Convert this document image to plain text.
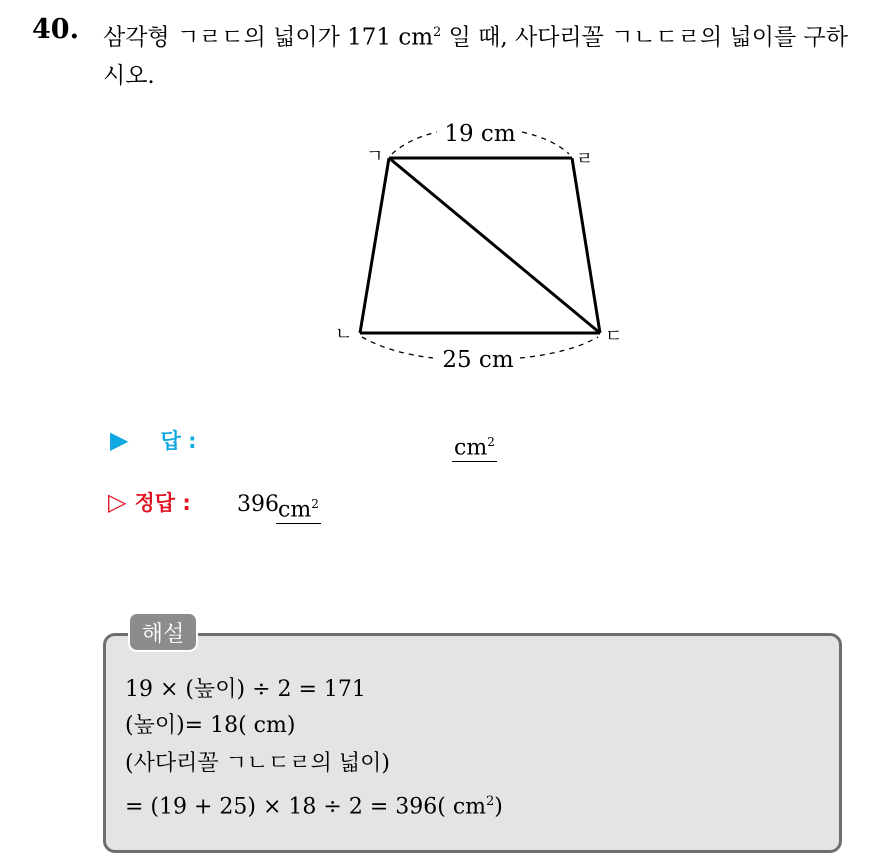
40. 삼각형 ㄱㄹㄷ의 넓이가 171 $cm^2$ 일 때, 사다리꼴 ㄱㄴㄷㄹ의 넓이를 구하시오.
19 cm
25 cm
ㄱ	ㄹ
ㄴ	ㄷ
▶ 답 :	$cm^2$
▷ 정답 : 396 $cm^2$
해설
19 × (높이) ÷ 2 = 171
(높이)= 18( cm)
(사다리꼴 ㄱㄴㄷㄹ의 넓이)
= (19 + 25) × 18 ÷ 2 = 396( $cm^2$)
